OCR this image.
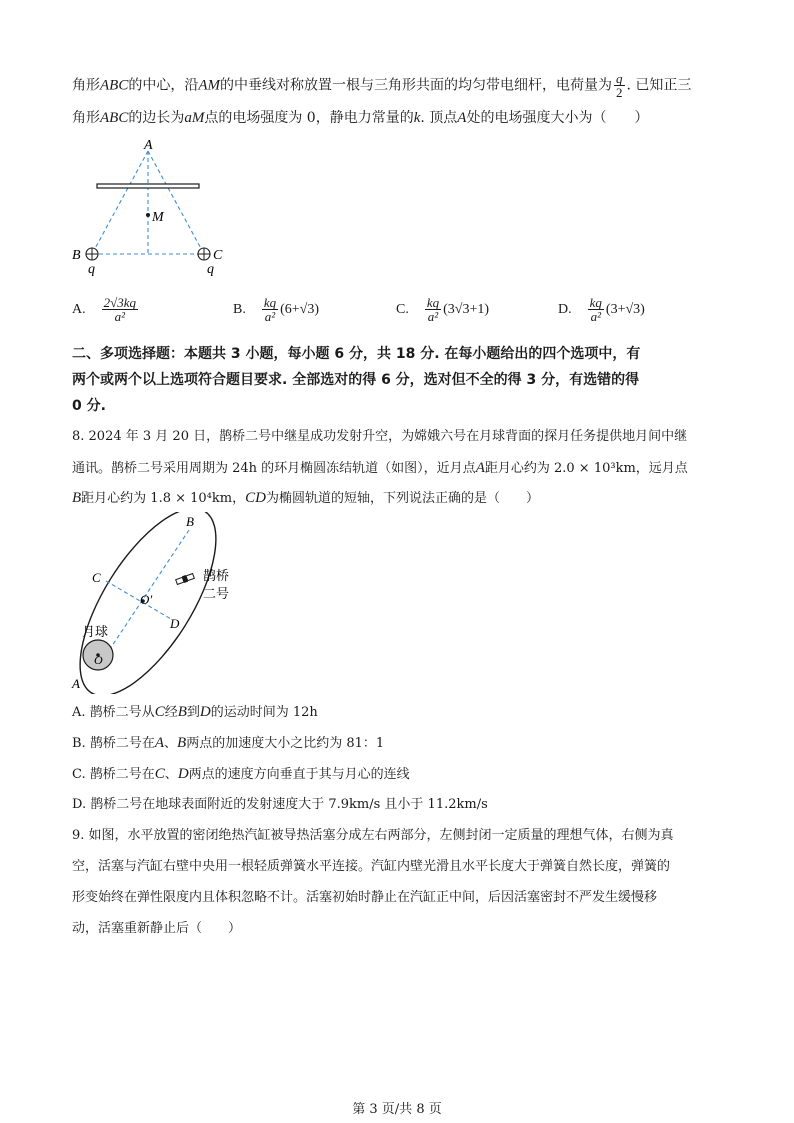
角形ABC的中心，沿AM的中垂线对称放置一根与三角形共面的均匀带电细杆，电荷量为 $\frac{q}{2}$ . 已知正三
角形ABC的边长为aM点的电场强度为 0，静电力常量的k. 顶点A处的电场强度大小为（　　）
A
M
B	C
q	q
A. $\frac{2√3kq}{\text{a²}}$	B. $\frac{kq}{\text{a²}} (6+√3)$	C. $\frac{kq}{\text{a²}} (3√3+1)$	D. $\frac{kq}{\text{a²}} (3+√3)$
二、多项选择题：本题共 3 小题，每小题 6 分，共 18 分. 在每小题给出的四个选项中，有
两个或两个以上选项符合题目要求. 全部选对的得 6 分，选对但不全的得 3 分，有选错的得
0 分.
8. 2024 年 3 月 20 日，鹊桥二号中继星成功发射升空，为嫦娥六号在月球背面的探月任务提供地月间中继
通讯。鹊桥二号采用周期为 24h 的环月椭圆冻结轨道（如图），近月点A距月心约为 2.0 × 10³km，远月点
B距月心约为 1.8 × 10⁴km，CD为椭圆轨道的短轴，下列说法正确的是（　　）
B
C
O′
D
月球
O
A
鹊桥
二号
A. 鹊桥二号从C经B到D的运动时间为 12h
B. 鹊桥二号在A、B两点的加速度大小之比约为 81：1
C. 鹊桥二号在C、D两点的速度方向垂直于其与月心的连线
D. 鹊桥二号在地球表面附近的发射速度大于 7.9km/s 且小于 11.2km/s
9. 如图，水平放置的密闭绝热汽缸被导热活塞分成左右两部分，左侧封闭一定质量的理想气体，右侧为真
空，活塞与汽缸右壁中央用一根轻质弹簧水平连接。汽缸内壁光滑且水平长度大于弹簧自然长度，弹簧的
形变始终在弹性限度内且体积忽略不计。活塞初始时静止在汽缸正中间，后因活塞密封不严发生缓慢移
动，活塞重新静止后（　　）
第 3 页/共 8 页
